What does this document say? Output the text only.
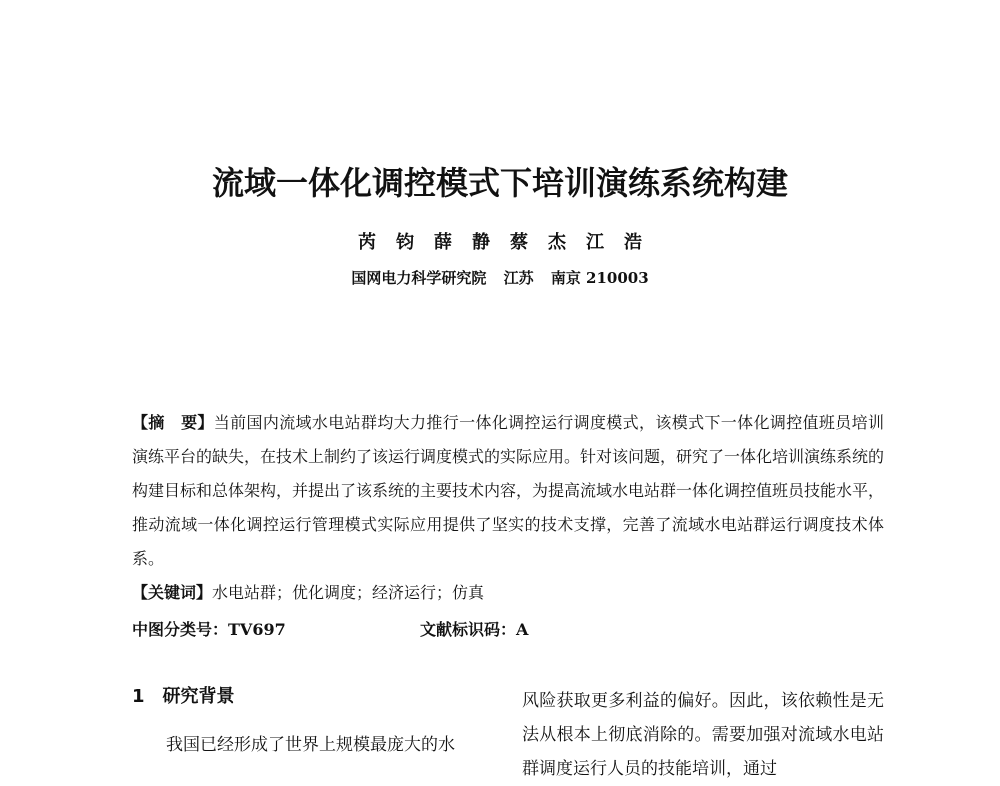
流域一体化调控模式下培训演练系统构建
芮 钧 薛 静 蔡 杰 江 浩
国网电力科学研究院 江苏 南京 210003
【摘　要】当前国内流域水电站群均大力推行一体化调控运行调度模式，该模式下一体化调控值班员培训演练平台的缺失，在技术上制约了该运行调度模式的实际应用。针对该问题，研究了一体化培训演练系统的构建目标和总体架构，并提出了该系统的主要技术内容，为提高流域水电站群一体化调控值班员技能水平，推动流域一体化调控运行管理模式实际应用提供了坚实的技术支撑，完善了流域水电站群运行调度技术体系。
【关键词】水电站群；优化调度；经济运行；仿真
中图分类号：TV697	文献标识码：A
1 研究背景
我国已经形成了世界上规模最庞大的水
风险获取更多利益的偏好。因此，该依赖性是无法从根本上彻底消除的。需要加强对流域水电站群调度运行人员的技能培训，通过
